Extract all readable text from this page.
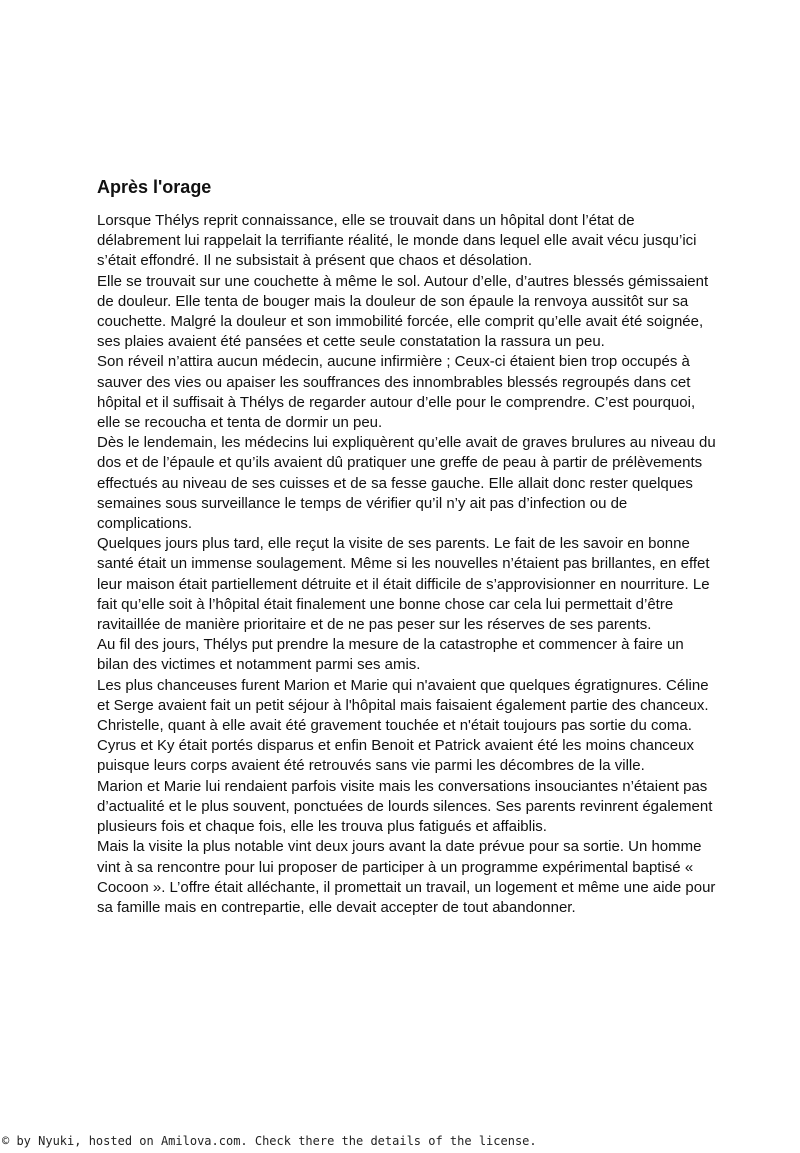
Après l'orage

Lorsque Thélys reprit connaissance, elle se trouvait dans un hôpital dont l’état de délabrement lui rappelait la terrifiante réalité, le monde dans lequel elle avait vécu jusqu’ici s’était effondré. Il ne subsistait à présent que chaos et désolation.

Elle se trouvait sur une couchette à même le sol. Autour d’elle, d’autres blessés gémissaient de douleur. Elle tenta de bouger mais la douleur de son épaule la renvoya aussitôt sur sa couchette. Malgré la douleur et son immobilité forcée, elle comprit qu’elle avait été soignée, ses plaies avaient été pansées et cette seule constatation la rassura un peu.

Son réveil n’attira aucun médecin, aucune infirmière ; Ceux-ci étaient bien trop occupés à sauver des vies ou apaiser les souffrances des innombrables blessés regroupés dans cet hôpital et il suffisait à Thélys de regarder autour d’elle pour le comprendre. C’est pourquoi, elle se recoucha et tenta de dormir un peu.

Dès le lendemain, les médecins lui expliquèrent qu’elle avait de graves brulures au niveau du dos et de l’épaule et qu’ils avaient dû pratiquer une greffe de peau à partir de prélèvements effectués au niveau de ses cuisses et de sa fesse gauche. Elle allait donc rester quelques semaines sous surveillance le temps de vérifier qu’il n’y ait pas d’infection ou de complications.

Quelques jours plus tard, elle reçut la visite de ses parents. Le fait de les savoir en bonne santé était un immense soulagement. Même si les nouvelles n’étaient pas brillantes, en effet leur maison était partiellement détruite et il était difficile de s’approvisionner en nourriture. Le fait qu’elle soit à l’hôpital était finalement une bonne chose car cela lui permettait d’être ravitaillée de manière prioritaire et de ne pas peser sur les réserves de ses parents.

Au fil des jours, Thélys put prendre la mesure de la catastrophe et commencer à faire un bilan des victimes et notamment parmi ses amis.

Les plus chanceuses furent Marion et Marie qui n'avaient que quelques égratignures. Céline et Serge avaient fait un petit séjour à l'hôpital mais faisaient également partie des chanceux. Christelle, quant à elle avait été gravement touchée et n'était toujours pas sortie du coma. Cyrus et Ky était portés disparus et enfin Benoit et Patrick avaient été les moins chanceux puisque leurs corps avaient été retrouvés sans vie parmi les décombres de la ville.

Marion et Marie lui rendaient parfois visite mais les conversations insouciantes n’étaient pas d’actualité et le plus souvent, ponctuées de lourds silences. Ses parents revinrent également plusieurs fois et chaque fois, elle les trouva plus fatigués et affaiblis.

Mais la visite la plus notable vint deux jours avant la date prévue pour sa sortie. Un homme vint à sa rencontre pour lui proposer de participer à un programme expérimental baptisé « Cocoon ». L’offre était alléchante, il promettait un travail, un logement et même une aide pour sa famille mais en contrepartie, elle devait accepter de tout abandonner.

© by Nyuki, hosted on Amilova.com. Check there the details of the license.
